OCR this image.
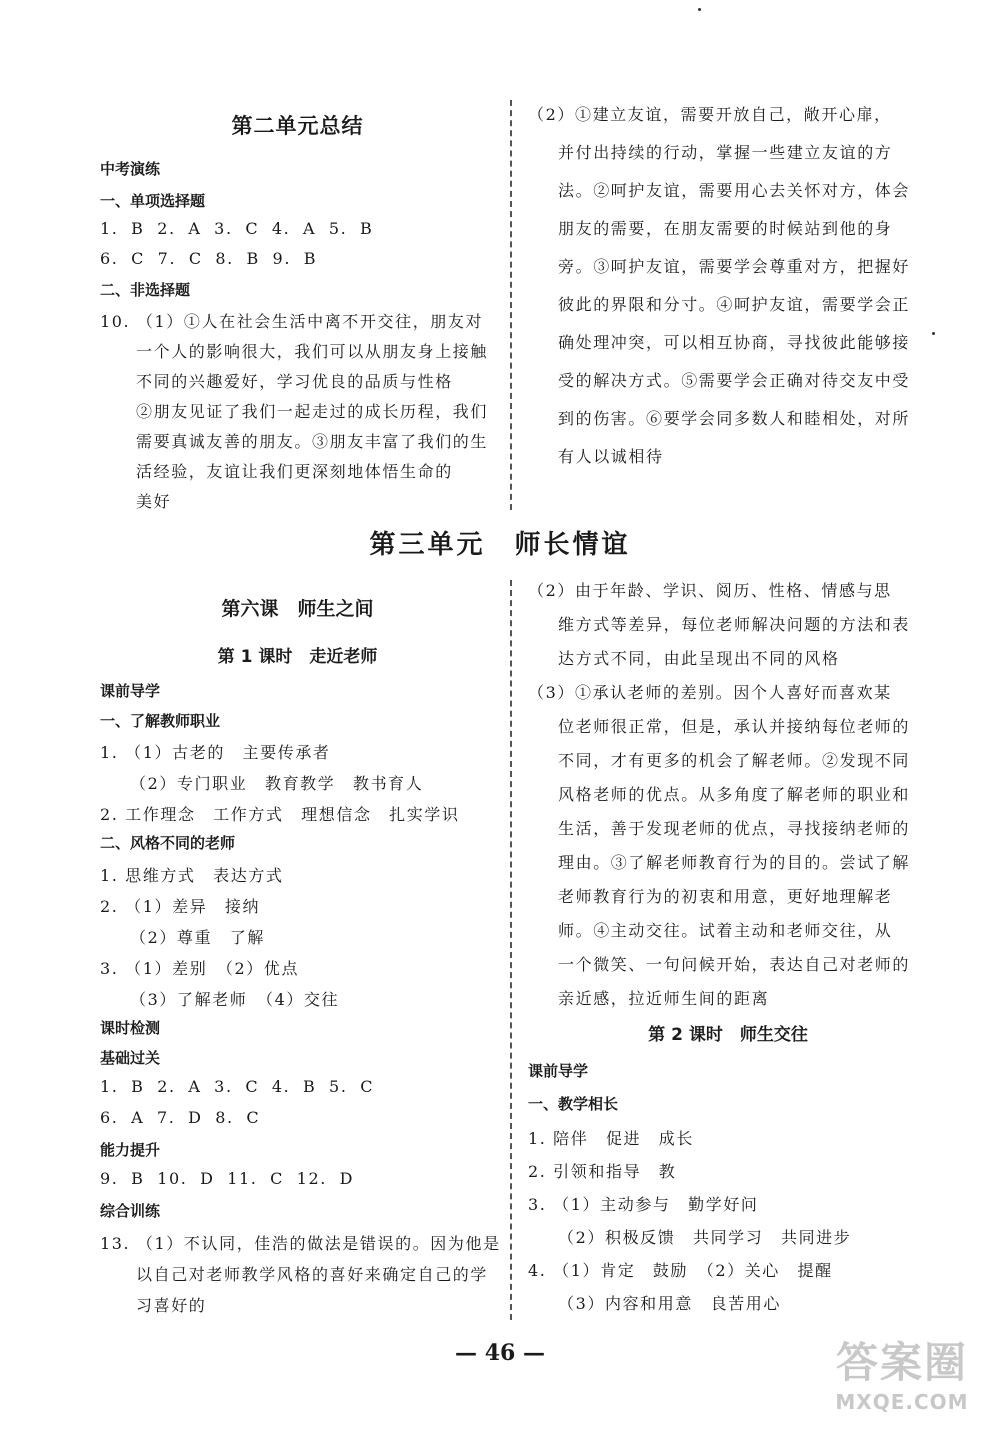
第二单元总结
中考演练
一、单项选择题
1. B 2. A 3. C 4. A 5. B
6. C 7. C 8. B 9. B
二、非选择题
10. （1）①人在社会生活中离不开交往，朋友对
一个人的影响很大，我们可以从朋友身上接触
不同的兴趣爱好，学习优良的品质与性格
②朋友见证了我们一起走过的成长历程，我们
需要真诚友善的朋友。③朋友丰富了我们的生
活经验，友谊让我们更深刻地体悟生命的
美好
（2）①建立友谊，需要开放自己，敞开心扉，
并付出持续的行动，掌握一些建立友谊的方
法。②呵护友谊，需要用心去关怀对方，体会
朋友的需要，在朋友需要的时候站到他的身
旁。③呵护友谊，需要学会尊重对方，把握好
彼此的界限和分寸。④呵护友谊，需要学会正
确处理冲突，可以相互协商，寻找彼此能够接
受的解决方式。⑤需要学会正确对待交友中受
到的伤害。⑥要学会同多数人和睦相处，对所
有人以诚相待
第三单元　师长情谊
第六课　师生之间
第 1 课时　走近老师
课前导学
一、了解教师职业
1. （1）古老的　主要传承者
（2）专门职业　教育教学　教书育人
2. 工作理念　工作方式　理想信念　扎实学识
二、风格不同的老师
1. 思维方式　表达方式
2. （1）差异　接纳
（2）尊重　了解
3. （1）差别　（2）优点
（3）了解老师　（4）交往
课时检测
基础过关
1. B 2. A 3. C 4. B 5. C
6. A 7. D 8. C
能力提升
9. B 10. D 11. C 12. D
综合训练
13. （1）不认同，佳浩的做法是错误的。因为他是
以自己对老师教学风格的喜好来确定自己的学
习喜好的
（2）由于年龄、学识、阅历、性格、情感与思
维方式等差异，每位老师解决问题的方法和表
达方式不同，由此呈现出不同的风格
（3）①承认老师的差别。因个人喜好而喜欢某
位老师很正常，但是，承认并接纳每位老师的
不同，才有更多的机会了解老师。②发现不同
风格老师的优点。从多角度了解老师的职业和
生活，善于发现老师的优点，寻找接纳老师的
理由。③了解老师教育行为的目的。尝试了解
老师教育行为的初衷和用意，更好地理解老
师。④主动交往。试着主动和老师交往，从
一个微笑、一句问候开始，表达自己对老师的
亲近感，拉近师生间的距离
第 2 课时　师生交往
课前导学
一、教学相长
1. 陪伴　促进　成长
2. 引领和指导　教
3. （1）主动参与　勤学好问
（2）积极反馈　共同学习　共同进步
4. （1）肯定　鼓励　（2）关心　提醒
（3）内容和用意　良苦用心
— 46 —	答案圈
MXQE.COM
